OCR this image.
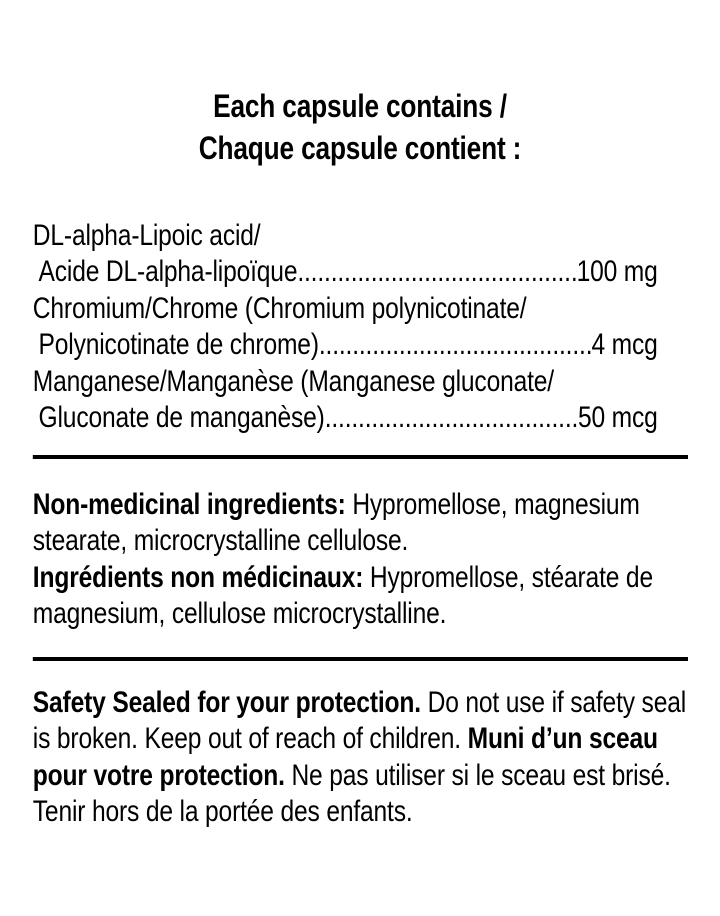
Each capsule contains /
Chaque capsule contient :
DL-alpha-Lipoic acid/
Acide DL-alpha-lipoïque .....	100 mg
Chromium/Chrome (Chromium polynicotinate/
Polynicotinate de chrome) .....	4 mcg
Manganese/Manganèse (Manganese gluconate/
Gluconate de manganèse) .....	50 mcg
Non-medicinal ingredients: Hypromellose, magnesium
stearate, microcrystalline cellulose.
Ingrédients non médicinaux: Hypromellose, stéarate de
magnesium, cellulose microcrystalline.
Safety Sealed for your protection. Do not use if safety seal
is broken. Keep out of reach of children. Muni d’un sceau
pour votre protection. Ne pas utiliser si le sceau est brisé.
Tenir hors de la portée des enfants.
